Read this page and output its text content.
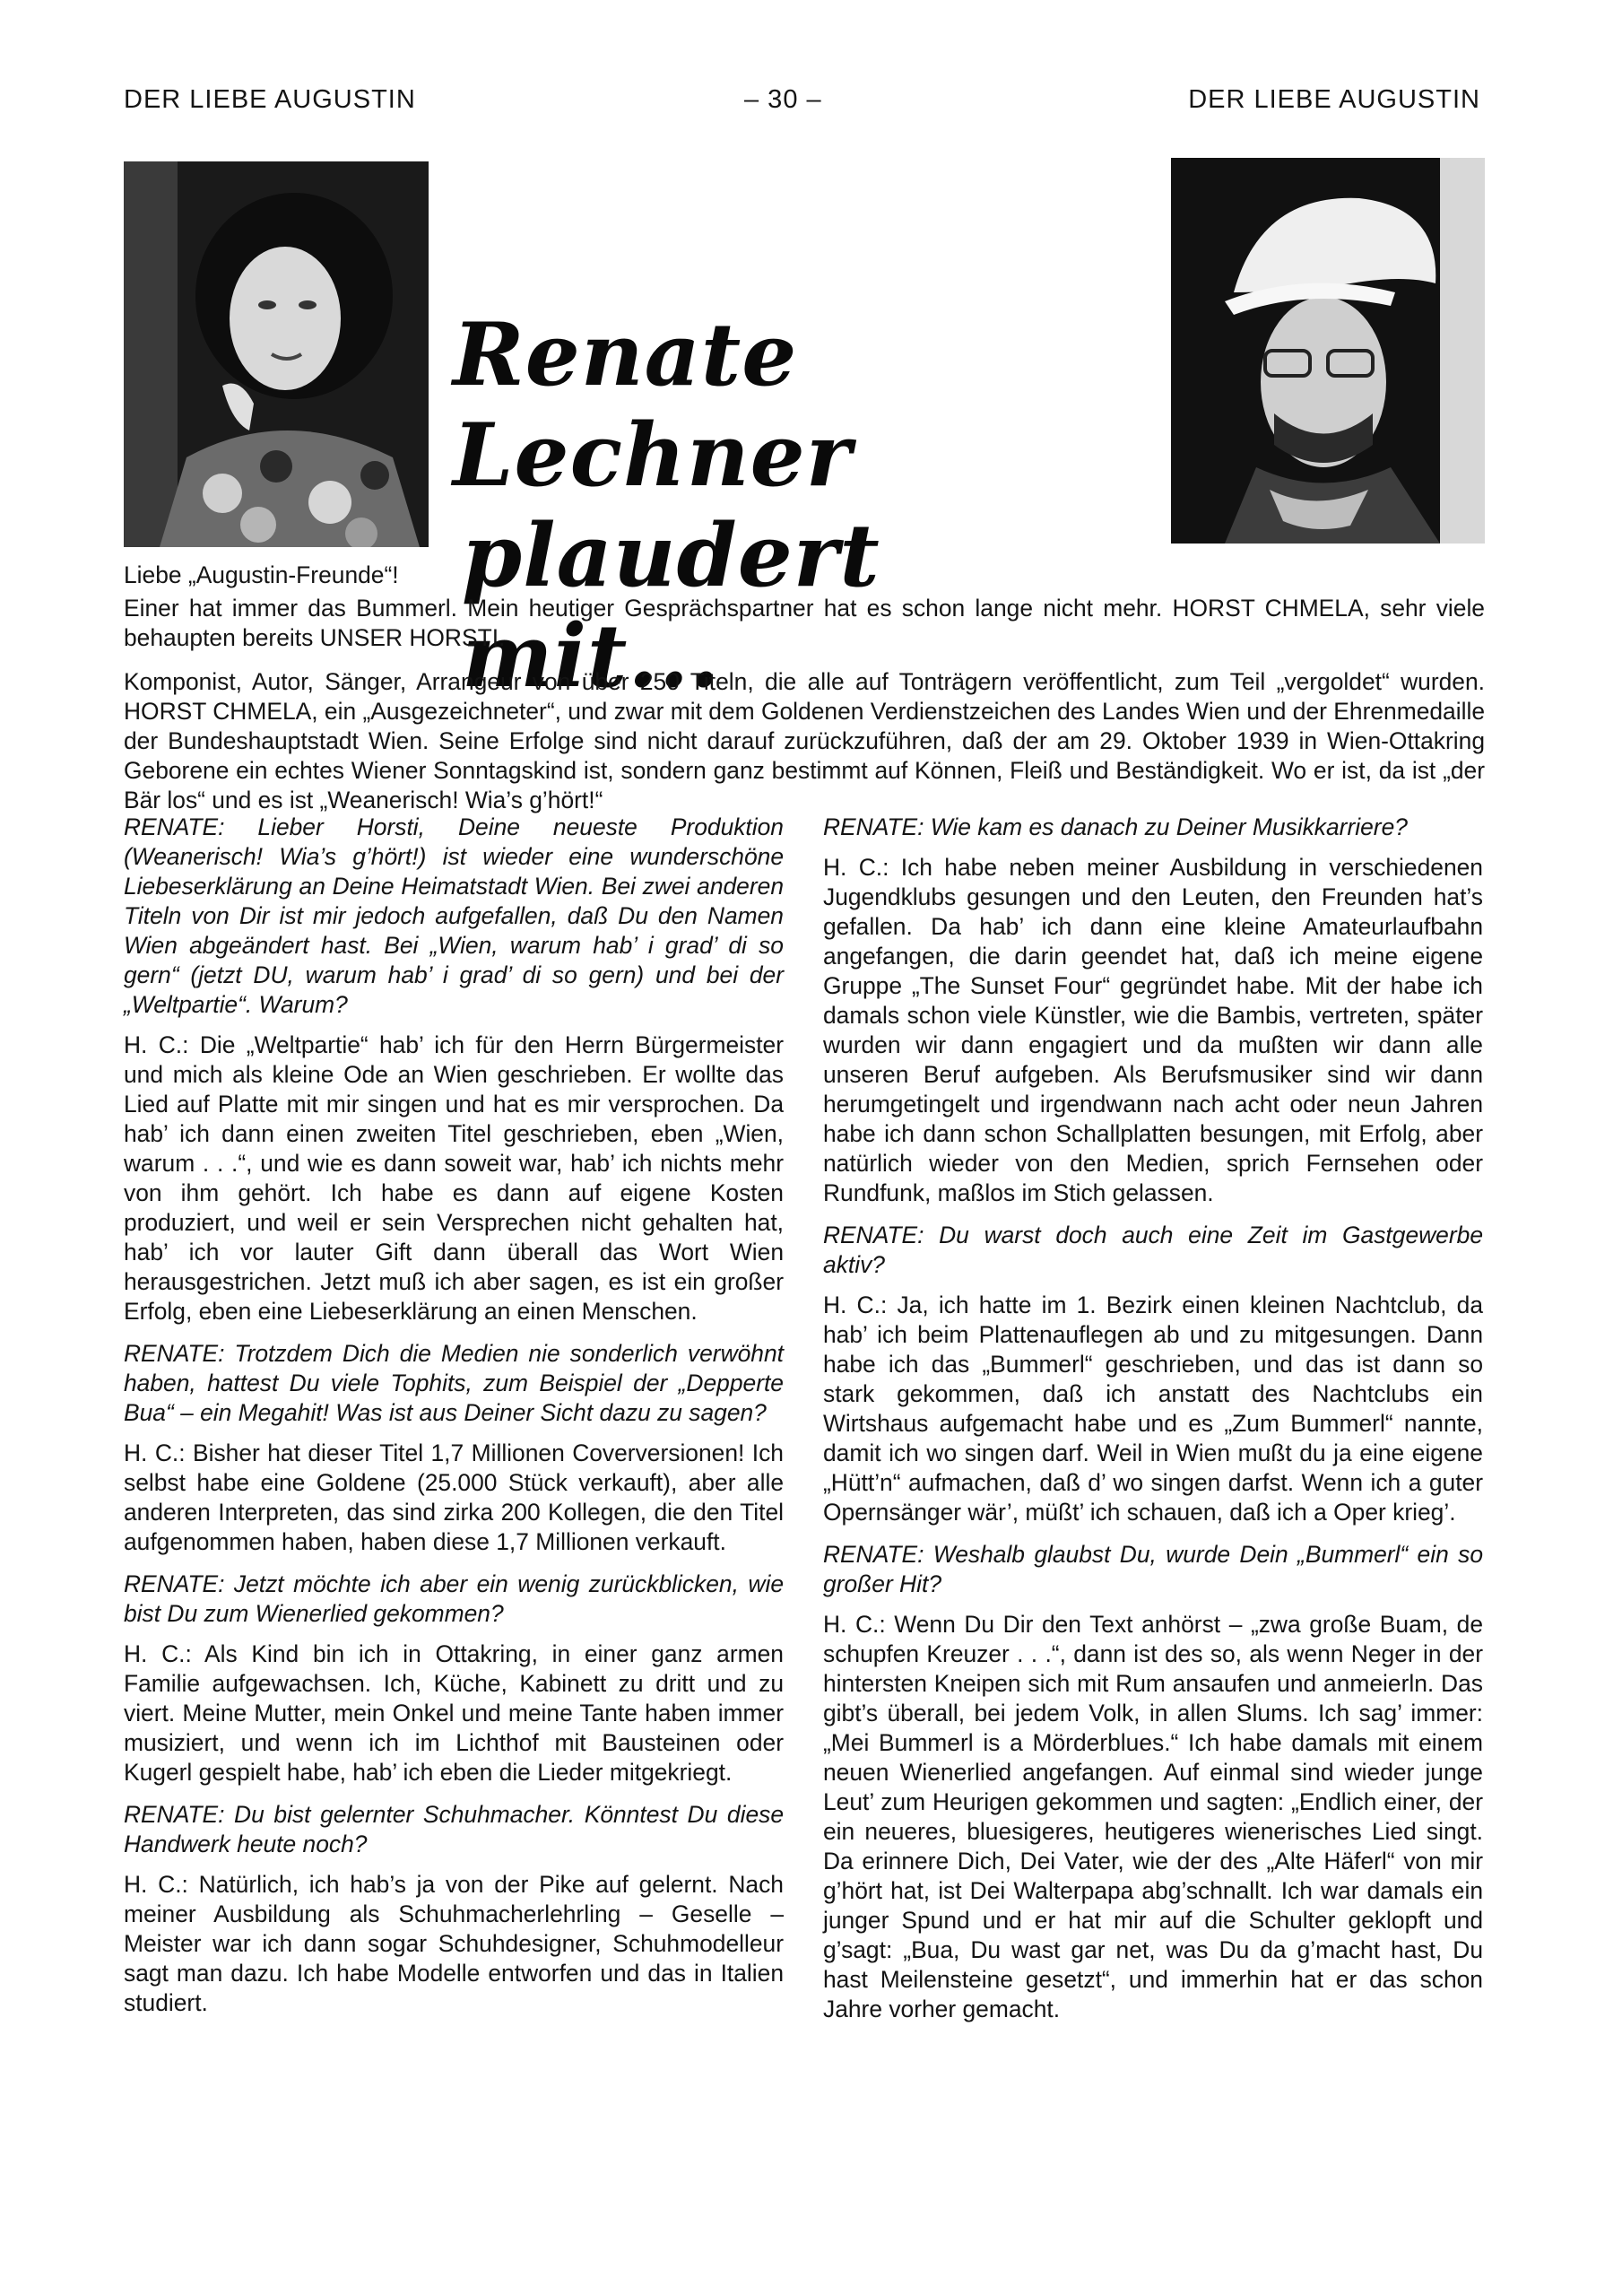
DER LIEBE AUGUSTIN	– 30 –	DER LIEBE AUGUSTIN
Renate Lechner
plaudert mit...

Liebe „Augustin-Freunde“!

Einer hat immer das Bummerl. Mein heutiger Gesprächspartner hat es schon lange nicht mehr. HORST CHMELA, sehr viele behaupten bereits UNSER HORSTI.

Komponist, Autor, Sänger, Arrangeur von über 250 Titeln, die alle auf Tonträgern veröffentlicht, zum Teil „vergoldet“ wurden. HORST CHMELA, ein „Ausgezeichneter“, und zwar mit dem Goldenen Verdienstzeichen des Landes Wien und der Ehrenmedaille der Bundeshauptstadt Wien. Seine Erfolge sind nicht darauf zurückzuführen, daß der am 29. Oktober 1939 in Wien-Ottakring Geborene ein echtes Wiener Sonntagskind ist, sondern ganz bestimmt auf Können, Fleiß und Beständigkeit. Wo er ist, da ist „der Bär los“ und es ist „Weanerisch! Wia’s g’hört!“

RENATE: Lieber Horsti, Deine neueste Produktion (Weanerisch! Wia’s g’hört!) ist wieder eine wunderschöne Liebeserklärung an Deine Heimatstadt Wien. Bei zwei anderen Titeln von Dir ist mir jedoch aufgefallen, daß Du den Namen Wien abgeändert hast. Bei „Wien, warum hab’ i grad’ di so gern“ (jetzt DU, warum hab’ i grad’ di so gern) und bei der „Weltpartie“. Warum?

H. C.: Die „Weltpartie“ hab’ ich für den Herrn Bürgermeister und mich als kleine Ode an Wien geschrieben. Er wollte das Lied auf Platte mit mir singen und hat es mir versprochen. Da hab’ ich dann einen zweiten Titel geschrieben, eben „Wien, warum . . .“, und wie es dann soweit war, hab’ ich nichts mehr von ihm gehört. Ich habe es dann auf eigene Kosten produziert, und weil er sein Versprechen nicht gehalten hat, hab’ ich vor lauter Gift dann überall das Wort Wien herausgestrichen. Jetzt muß ich aber sagen, es ist ein großer Erfolg, eben eine Liebeserklärung an einen Menschen.

RENATE: Trotzdem Dich die Medien nie sonderlich verwöhnt haben, hattest Du viele Tophits, zum Beispiel der „Depperte Bua“ – ein Megahit! Was ist aus Deiner Sicht dazu zu sagen?

H. C.: Bisher hat dieser Titel 1,7 Millionen Coverversionen! Ich selbst habe eine Goldene (25.000 Stück verkauft), aber alle anderen Interpreten, das sind zirka 200 Kollegen, die den Titel aufgenommen haben, haben diese 1,7 Millionen verkauft.

RENATE: Jetzt möchte ich aber ein wenig zurückblicken, wie bist Du zum Wienerlied gekommen?

H. C.: Als Kind bin ich in Ottakring, in einer ganz armen Familie aufgewachsen. Ich, Küche, Kabinett zu dritt und zu viert. Meine Mutter, mein Onkel und meine Tante haben immer musiziert, und wenn ich im Lichthof mit Bausteinen oder Kugerl gespielt habe, hab’ ich eben die Lieder mitgekriegt.

RENATE: Du bist gelernter Schuhmacher. Könntest Du diese Handwerk heute noch?

H. C.: Natürlich, ich hab’s ja von der Pike auf gelernt. Nach meiner Ausbildung als Schuhmacherlehrling – Geselle – Meister war ich dann sogar Schuhdesigner, Schuhmodelleur sagt man dazu. Ich habe Modelle entworfen und das in Italien studiert.

RENATE: Wie kam es danach zu Deiner Musikkarriere?

H. C.: Ich habe neben meiner Ausbildung in verschiedenen Jugendklubs gesungen und den Leuten, den Freunden hat’s gefallen. Da hab’ ich dann eine kleine Amateurlaufbahn angefangen, die darin geendet hat, daß ich meine eigene Gruppe „The Sunset Four“ gegründet habe. Mit der habe ich damals schon viele Künstler, wie die Bambis, vertreten, später wurden wir dann engagiert und da mußten wir dann alle unseren Beruf aufgeben. Als Berufsmusiker sind wir dann herumgetingelt und irgendwann nach acht oder neun Jahren habe ich dann schon Schallplatten besungen, mit Erfolg, aber natürlich wieder von den Medien, sprich Fernsehen oder Rundfunk, maßlos im Stich gelassen.

RENATE: Du warst doch auch eine Zeit im Gastgewerbe aktiv?

H. C.: Ja, ich hatte im 1. Bezirk einen kleinen Nachtclub, da hab’ ich beim Plattenauflegen ab und zu mitgesungen. Dann habe ich das „Bummerl“ geschrieben, und das ist dann so stark gekommen, daß ich anstatt des Nachtclubs ein Wirtshaus aufgemacht habe und es „Zum Bummerl“ nannte, damit ich wo singen darf. Weil in Wien mußt du ja eine eigene „Hütt’n“ aufmachen, daß d’ wo singen darfst. Wenn ich a guter Opernsänger wär’, müßt’ ich schauen, daß ich a Oper krieg’.

RENATE: Weshalb glaubst Du, wurde Dein „Bummerl“ ein so großer Hit?

H. C.: Wenn Du Dir den Text anhörst – „zwa große Buam, de schupfen Kreuzer . . .“, dann ist des so, als wenn Neger in der hintersten Kneipen sich mit Rum ansaufen und anmeierln. Das gibt’s überall, bei jedem Volk, in allen Slums. Ich sag’ immer: „Mei Bummerl is a Mörderblues.“ Ich habe damals mit einem neuen Wienerlied angefangen. Auf einmal sind wieder junge Leut’ zum Heurigen gekommen und sagten: „Endlich einer, der ein neueres, bluesigeres, heutigeres wienerisches Lied singt. Da erinnere Dich, Dei Vater, wie der des „Alte Häferl“ von mir g’hört hat, ist Dei Walterpapa abg’schnallt. Ich war damals ein junger Spund und er hat mir auf die Schulter geklopft und g’sagt: „Bua, Du wast gar net, was Du da g’macht hast, Du hast Meilensteine gesetzt“, und immerhin hat er das schon Jahre vorher gemacht.
